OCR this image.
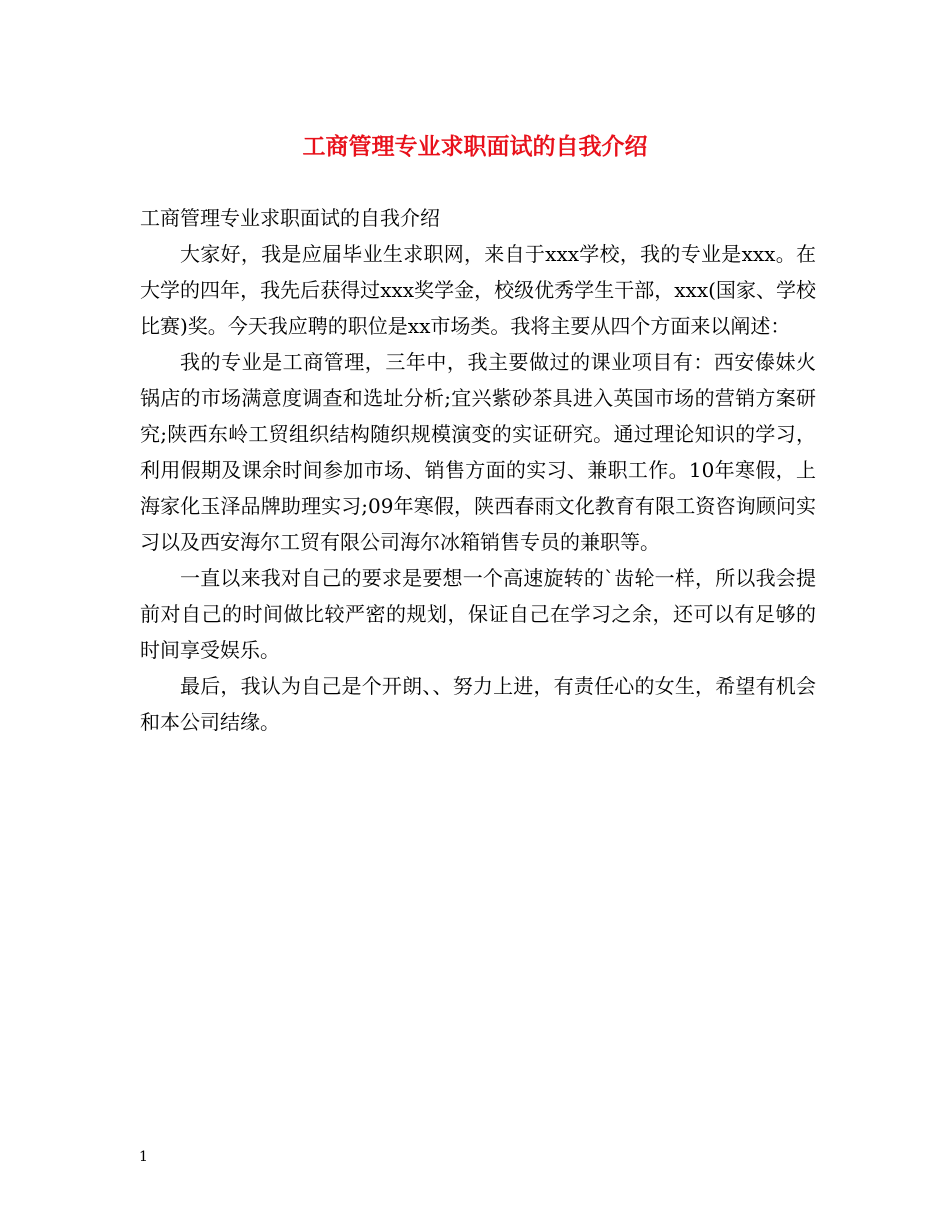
工商管理专业求职面试的自我介绍

工商管理专业求职面试的自我介绍

大家好，我是应届毕业生求职网，来自于xxx学校，我的专业是xxx。在大学的四年，我先后获得过xxx奖学金，校级优秀学生干部，xxx(国家、学校比赛)奖。今天我应聘的职位是xx市场类。我将主要从四个方面来以阐述：

我的专业是工商管理，三年中，我主要做过的课业项目有：西安傣妹火锅店的市场满意度调查和选址分析;宜兴紫砂茶具进入英国市场的营销方案研究;陕西东岭工贸组织结构随织规模演变的实证研究。通过理论知识的学习，利用假期及课余时间参加市场、销售方面的实习、兼职工作。10年寒假，上海家化玉泽品牌助理实习;09年寒假，陕西春雨文化教育有限工资咨询顾问实习以及西安海尔工贸有限公司海尔冰箱销售专员的兼职等。

一直以来我对自己的要求是要想一个高速旋转的`齿轮一样，所以我会提前对自己的时间做比较严密的规划，保证自己在学习之余，还可以有足够的时间享受娱乐。

最后，我认为自己是个开朗、、努力上进，有责任心的女生，希望有机会和本公司结缘。

1
